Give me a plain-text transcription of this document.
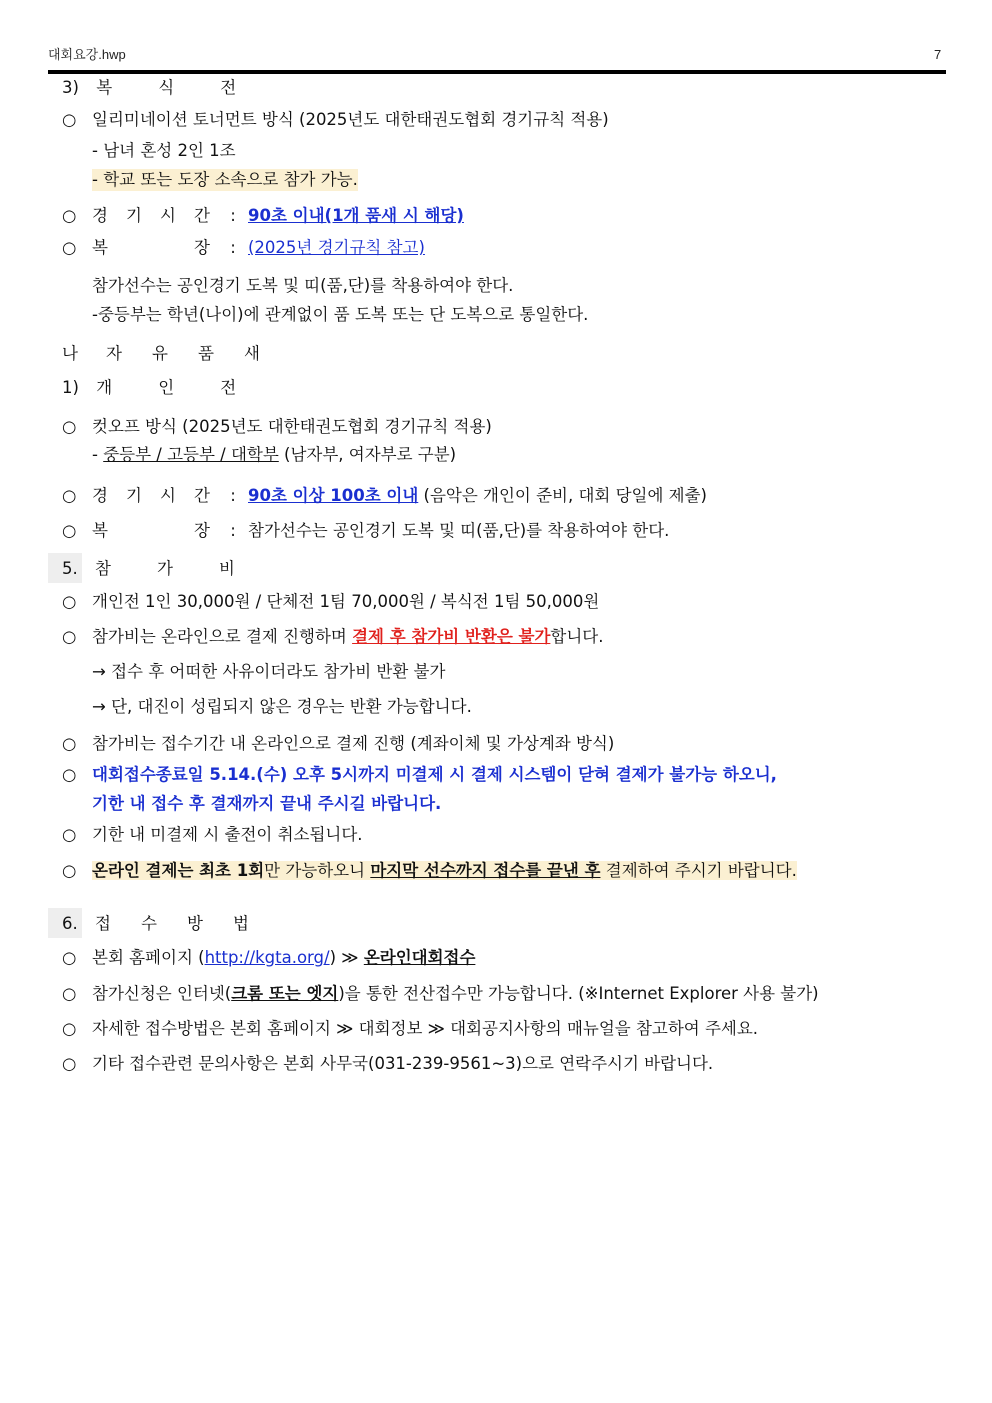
대회요강.hwp	7
3) 복	식	전
○ 일리미네이션 토너먼트 방식 (2025년도 대한태권도협회 경기규칙 적용)
- 남녀 혼성 2인 1조
- 학교 또는 도장 소속으로 참가 가능.
○ 경 기 시 간 : 90초 이내(1개 품새 시 해당)
○ 복	장 : (2025년 경기규칙 참고)
참가선수는 공인경기 도복 및 띠(품,단)를 착용하여야 한다.
-중등부는 학년(나이)에 관계없이 품 도복 또는 단 도복으로 통일한다.
나 자 유 품 새
1) 개	인	전
○ 컷오프 방식 (2025년도 대한태권도협회 경기규칙 적용)
- 중등부 / 고등부 / 대학부 (남자부, 여자부로 구분)
○ 경 기 시 간 : 90초 이상 100초 이내 (음악은 개인이 준비, 대회 당일에 제출)
○ 복	장 : 참가선수는 공인경기 도복 및 띠(품,단)를 착용하여야 한다.
5. 참	가	비
○ 개인전 1인 30,000원 / 단체전 1팀 70,000원 / 복식전 1팀 50,000원
○ 참가비는 온라인으로 결제 진행하며 결제 후 참가비 반환은 불가합니다.
→ 접수 후 어떠한 사유이더라도 참가비 반환 불가
→ 단, 대진이 성립되지 않은 경우는 반환 가능합니다.
○ 참가비는 접수기간 내 온라인으로 결제 진행 (계좌이체 및 가상계좌 방식)
○ 대회접수종료일 5.14.(수) 오후 5시까지 미결제 시 결제 시스템이 닫혀 결제가 불가능 하오니,
기한 내 접수 후 결재까지 끝내 주시길 바랍니다.
○ 기한 내 미결제 시 출전이 취소됩니다.
○ 온라인 결제는 최초 1회만 가능하오니 마지막 선수까지 접수를 끝낸 후 결제하여 주시기 바랍니다.
6. 접 수 방 법
○ 본회 홈페이지 (http://kgta.org/) ≫ 온라인대회접수
○ 참가신청은 인터넷(크롬 또는 엣지)을 통한 전산접수만 가능합니다. (※Internet Explorer 사용 불가)
○ 자세한 접수방법은 본회 홈페이지 ≫ 대회정보 ≫ 대회공지사항의 매뉴얼을 참고하여 주세요.
○ 기타 접수관련 문의사항은 본회 사무국(031-239-9561~3)으로 연락주시기 바랍니다.
